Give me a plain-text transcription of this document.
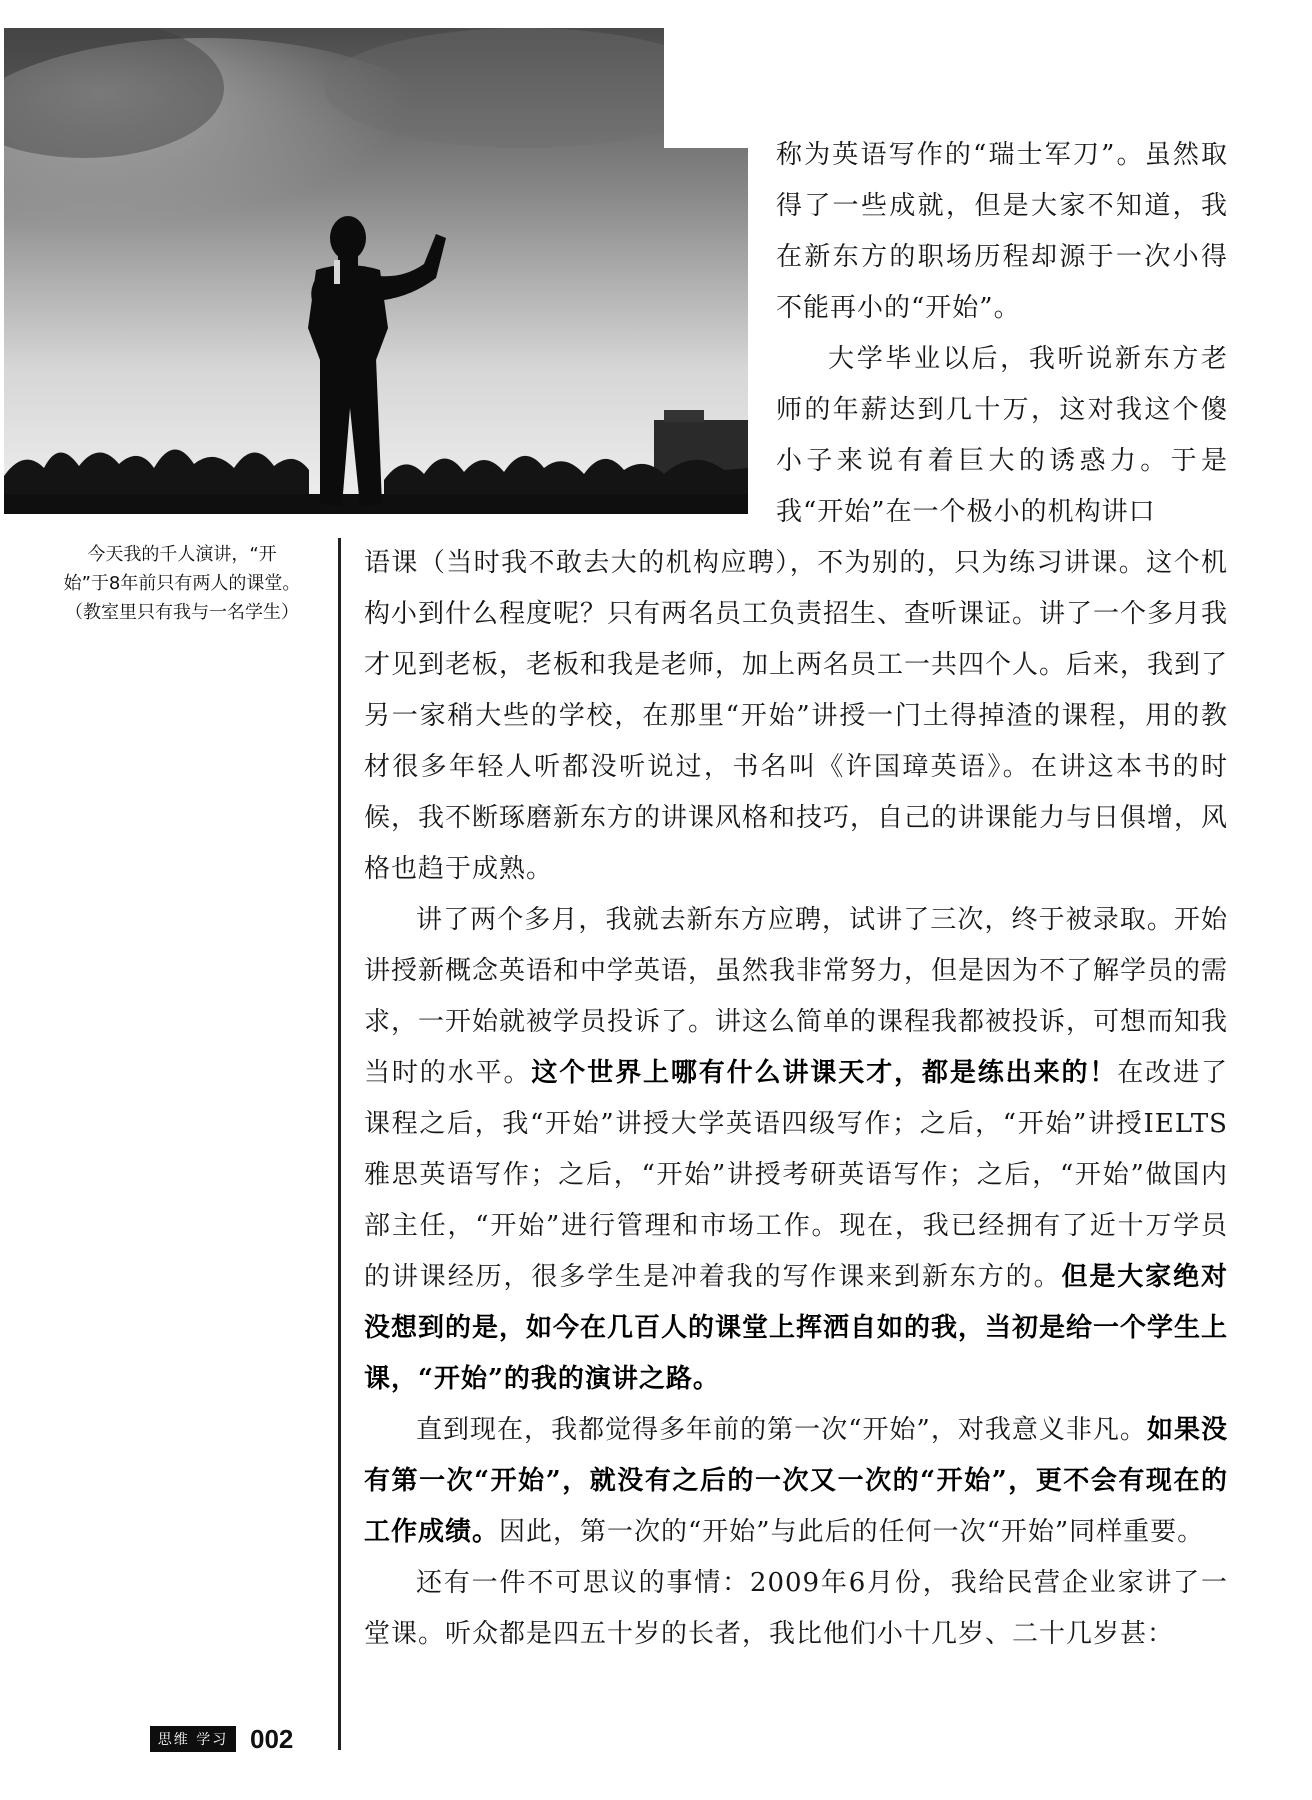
今天我的千人演讲，“开

始”于8年前只有两人的课堂。

（教室里只有我与一名学生）

称为英语写作的“瑞士军刀”。虽然取得了一些成就，但是大家不知道，我在新东方的职场历程却源于一次小得不能再小的“开始”。

大学毕业以后，我听说新东方老师的年薪达到几十万，这对我这个傻小子来说有着巨大的诱惑力。于是我“开始”在一个极小的机构讲口

语课（当时我不敢去大的机构应聘），不为别的，只为练习讲课。这个机构小到什么程度呢？只有两名员工负责招生、查听课证。讲了一个多月我才见到老板，老板和我是老师，加上两名员工一共四个人。后来，我到了另一家稍大些的学校，在那里“开始”讲授一门土得掉渣的课程，用的教材很多年轻人听都没听说过，书名叫《许国璋英语》。在讲这本书的时候，我不断琢磨新东方的讲课风格和技巧，自己的讲课能力与日俱增，风格也趋于成熟。

讲了两个多月，我就去新东方应聘，试讲了三次，终于被录取。开始讲授新概念英语和中学英语，虽然我非常努力，但是因为不了解学员的需求，一开始就被学员投诉了。讲这么简单的课程我都被投诉，可想而知我当时的水平。这个世界上哪有什么讲课天才，都是练出来的！在改进了课程之后，我“开始”讲授大学英语四级写作；之后，“开始”讲授IELTS雅思英语写作；之后，“开始”讲授考研英语写作；之后，“开始”做国内部主任，“开始”进行管理和市场工作。现在，我已经拥有了近十万学员的讲课经历，很多学生是冲着我的写作课来到新东方的。但是大家绝对没想到的是，如今在几百人的课堂上挥洒自如的我，当初是给一个学生上课，“开始”的我的演讲之路。

直到现在，我都觉得多年前的第一次“开始”，对我意义非凡。如果没有第一次“开始”，就没有之后的一次又一次的“开始”，更不会有现在的工作成绩。因此，第一次的“开始”与此后的任何一次“开始”同样重要。

还有一件不可思议的事情：2009年6月份，我给民营企业家讲了一堂课。听众都是四五十岁的长者，我比他们小十几岁、二十几岁甚：

思维 学习 002
